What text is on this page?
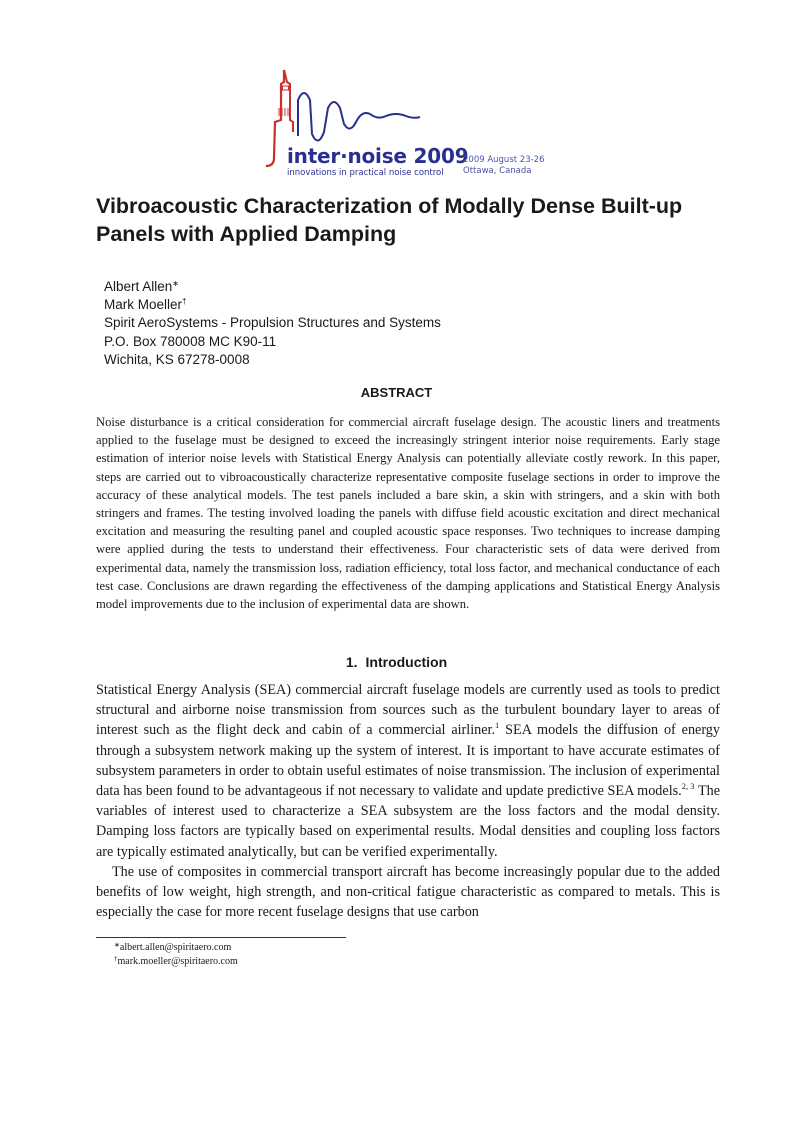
inter·noise 2009
innovations in practical noise control
2009 August 23-26
Ottawa, Canada
Vibroacoustic Characterization of Modally Dense Built-up
Panels with Applied Damping
Albert Allen∗
Mark Moeller†
Spirit AeroSystems - Propulsion Structures and Systems
P.O. Box 780008 MC K90-11
Wichita, KS 67278-0008
ABSTRACT
Noise disturbance is a critical consideration for commercial aircraft fuselage design. The acoustic liners and treatments applied to the fuselage must be designed to exceed the increasingly stringent interior noise requirements. Early stage estimation of interior noise levels with Statistical Energy Analysis can potentially alleviate costly rework. In this paper, steps are carried out to vibroacoustically characterize representative composite fuselage sections in order to improve the accuracy of these analytical models. The test panels included a bare skin, a skin with stringers, and a skin with both stringers and frames. The testing involved loading the panels with diffuse field acoustic excitation and direct mechanical excitation and measuring the resulting panel and coupled acoustic space responses. Two techniques to increase damping were applied during the tests to understand their effectiveness. Four characteristic sets of data were derived from experimental data, namely the transmission loss, radiation efficiency, total loss factor, and mechanical conductance of each test case. Conclusions are drawn regarding the effectiveness of the damping applications and Statistical Energy Analysis model improvements due to the inclusion of experimental data are shown.
1. Introduction

Statistical Energy Analysis (SEA) commercial aircraft fuselage models are currently used as tools to predict structural and airborne noise transmission from sources such as the turbulent boundary layer to areas of interest such as the flight deck and cabin of a commercial airliner.$^1$ SEA models the diffusion of energy through a subsystem network making up the system of interest. It is important to have accurate estimates of subsystem parameters in order to obtain useful estimates of noise transmission. The inclusion of experimental data has been found to be advantageous if not necessary to validate and update predictive SEA models.$^{2, 3}$ The variables of interest used to characterize a SEA subsystem are the loss factors and the modal density. Damping loss factors are typically based on experimental results. Modal densities and coupling loss factors are typically estimated analytically, but can be verified experimentally.

The use of composites in commercial transport aircraft has become increasingly popular due to the added benefits of low weight, high strength, and non-critical fatigue characteristic as compared to metals. This is especially the case for more recent fuselage designs that use carbon

∗albert.allen@spiritaero.com
†mark.moeller@spiritaero.com
